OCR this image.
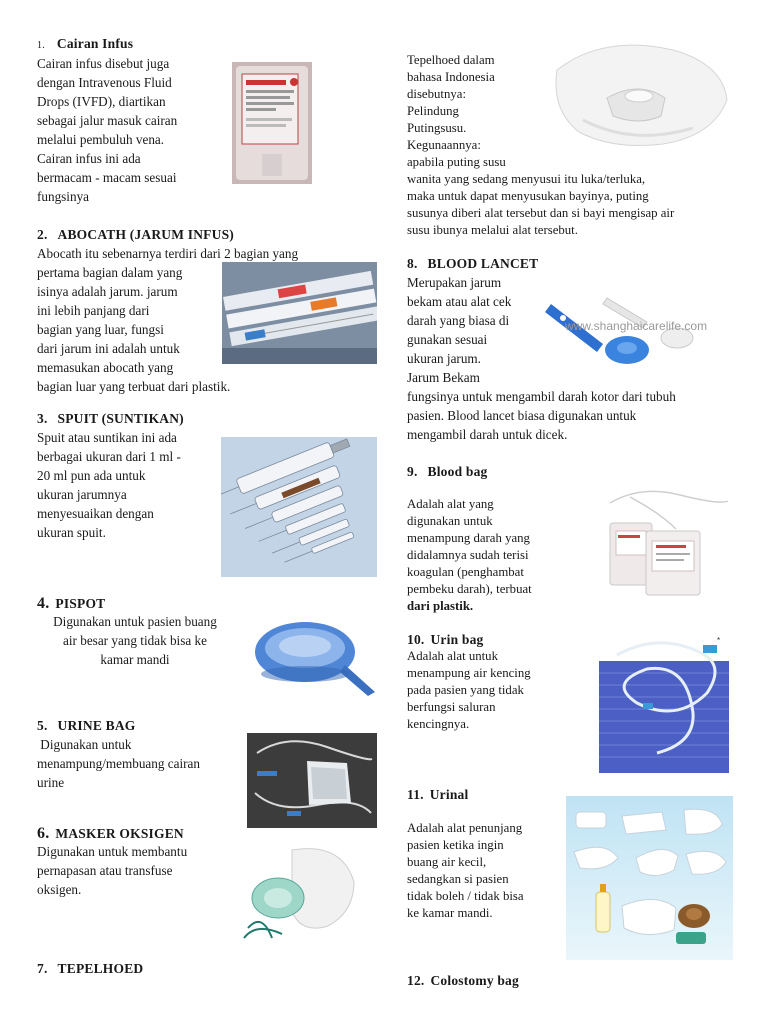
1. Cairan Infus
Cairan infus disebut juga
dengan Intravenous Fluid
Drops (IVFD), diartikan
sebagai jalur masuk cairan
melalui pembuluh vena.
Cairan infus ini ada
bermacam - macam sesuai
fungsinya
2. ABOCATH (JARUM INFUS)
Abocath itu sebenarnya terdiri dari 2 bagian yang
pertama bagian dalam yang
isinya adalah jarum. jarum
ini lebih panjang dari
bagian yang luar, fungsi
dari jarum ini adalah untuk
memasukan abocath yang
bagian luar yang terbuat dari plastik.
3. SPUIT (SUNTIKAN)
Spuit atau suntikan ini ada
berbagai ukuran dari 1 ml -
20 ml pun ada untuk
ukuran jarumnya
menyesuaikan dengan
ukuran spuit.
4. PISPOT
Digunakan untuk pasien buang
air besar yang tidak bisa ke
kamar mandi
5. URINE BAG
Digunakan untuk
menampung/membuang cairan
urine
6. MASKER OKSIGEN
Digunakan untuk membantu
pernapasan atau transfuse
oksigen.
7. TEPELHOED
Tepelhoed dalam
bahasa Indonesia
disebutnya:
Pelindung
Putingsusu.
Kegunaannya:
apabila puting susu
wanita yang sedang menyusui itu luka/terluka,
maka untuk dapat menyusukan bayinya, puting
susunya diberi alat tersebut dan si bayi mengisap air
susu ibunya melalui alat tersebut.
8. BLOOD LANCET
Merupakan jarum
bekam atau alat cek
darah yang biasa di
gunakan sesuai
ukuran jarum.
Jarum Bekam
fungsinya untuk mengambil darah kotor dari tubuh
pasien. Blood lancet biasa digunakan untuk
mengambil darah untuk dicek.
www.shanghaicarelife.com
9. Blood bag
Adalah alat yang
digunakan untuk
menampung darah yang
didalamnya sudah terisi
koagulan (penghambat
pembeku darah), terbuat
dari plastik.
10. Urin bag
Adalah alat untuk
menampung air kencing
pada pasien yang tidak
berfungsi saluran
kencingnya.
*
11. Urinal
Adalah alat penunjang
pasien ketika ingin
buang air kecil,
sedangkan si pasien
tidak boleh / tidak bisa
ke kamar mandi.
12. Colostomy bag
